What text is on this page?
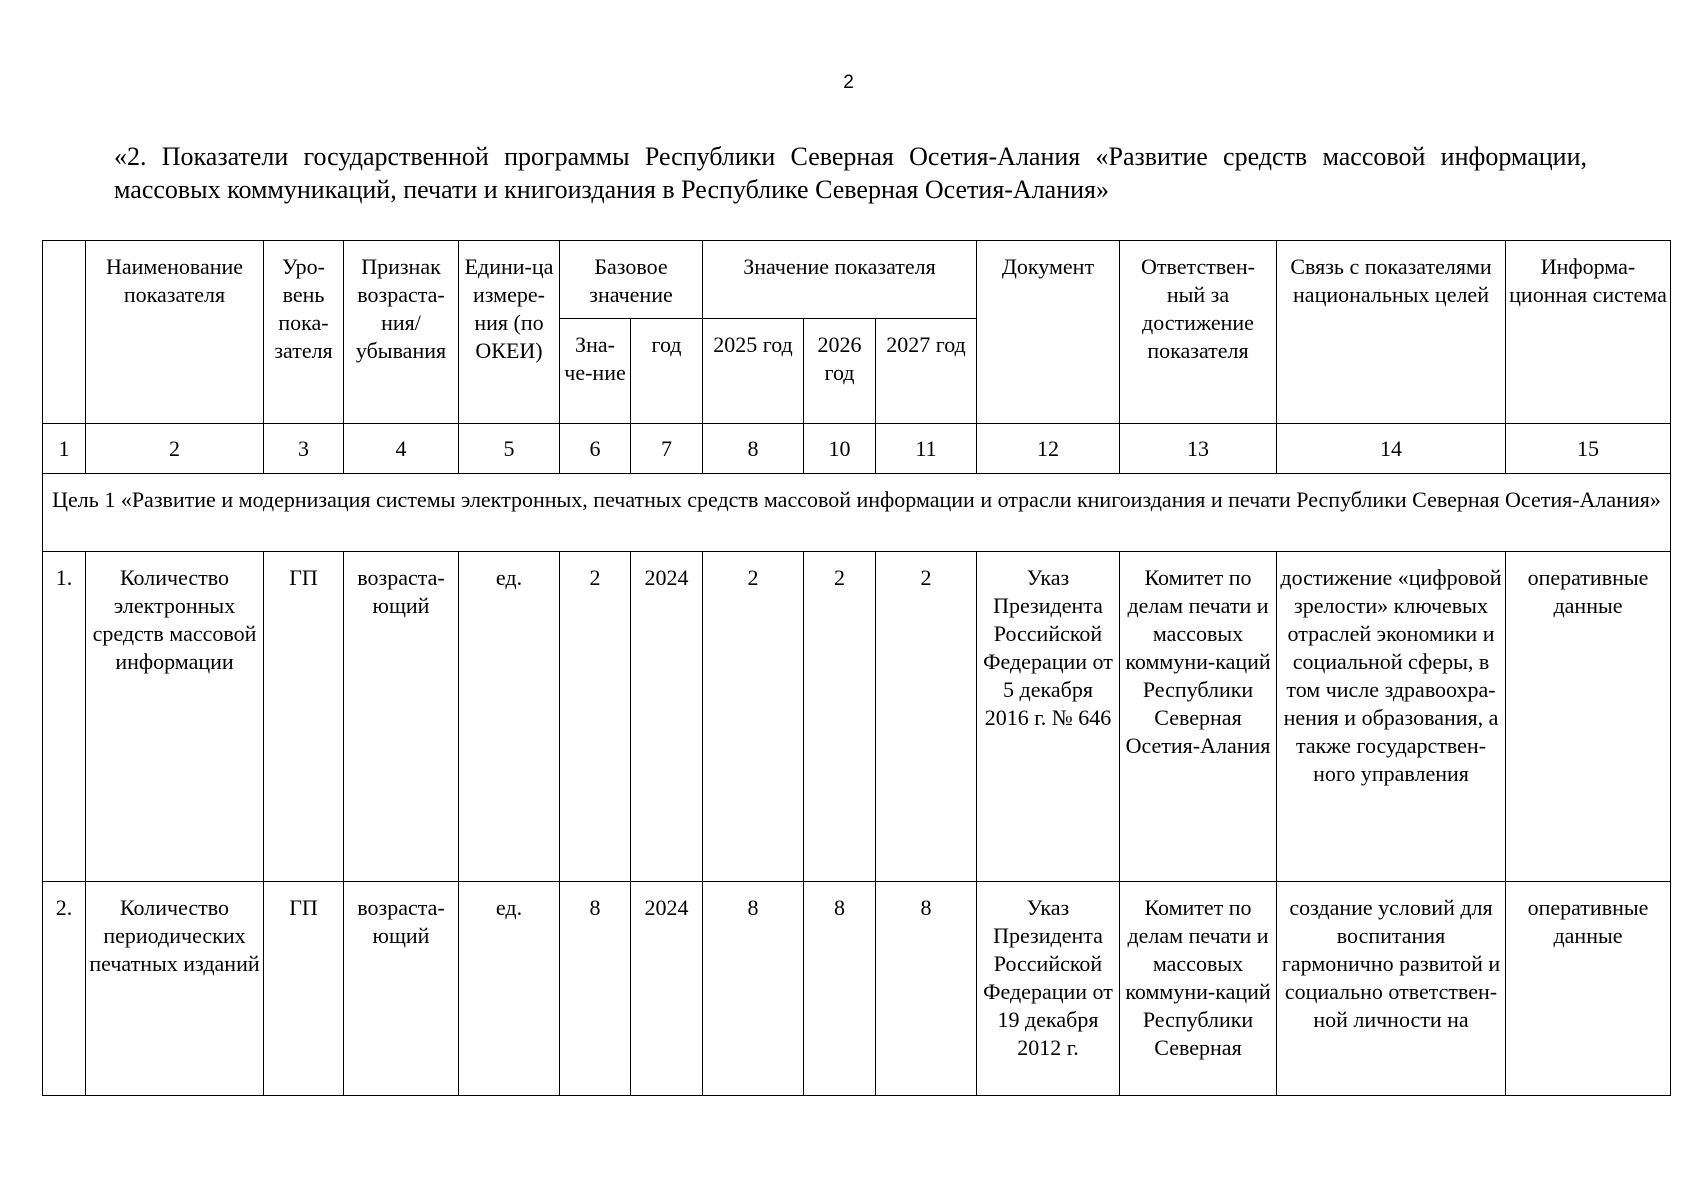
2
«2. Показатели государственной программы Республики Северная Осетия-Алания «Развитие средств массовой информации, массовых коммуникаций, печати и книгоиздания в Республике Северная Осетия-Алания»
	Наименование показателя	Уро-вень пока-зателя	Признак возраста-ния/ убывания	Едини-ца измере-ния (по ОКЕИ)	Базовое значение		Значение показателя			Документ	Ответствен-ный за достижение показателя	Связь с показателями национальных целей	Информа-ционная система
					Зна-че-ние	год	2025 год	2026 год	2027 год				
1	2	3	4	5	6	7	8	10	11	12	13	14	15
Цель 1 «Развитие и модернизация системы электронных, печатных средств массовой информации и отрасли книгоиздания и печати Республики Северная Осетия-Алания»													
1.	Количество электронных средств массовой информации	ГП	возраста-ющий	ед.	2	2024	2	2	2	Указ Президента Российской Федерации от 5 декабря 2016 г. № 646	Комитет по делам печати и массовых коммуни-каций Республики Северная Осетия-Алания	достижение «цифровой зрелости» ключевых отраслей экономики и социальной сферы, в том числе здравоохра-нения и образования, а также государствен-ного управления	оперативные данные
2.	Количество периодических печатных изданий	ГП	возраста-ющий	ед.	8	2024	8	8	8	Указ Президента Российской Федерации от 19 декабря 2012 г.	Комитет по делам печати и массовых коммуни-каций Республики Северная	создание условий для воспитания гармонично развитой и социально ответствен-ной личности на	оперативные данные
